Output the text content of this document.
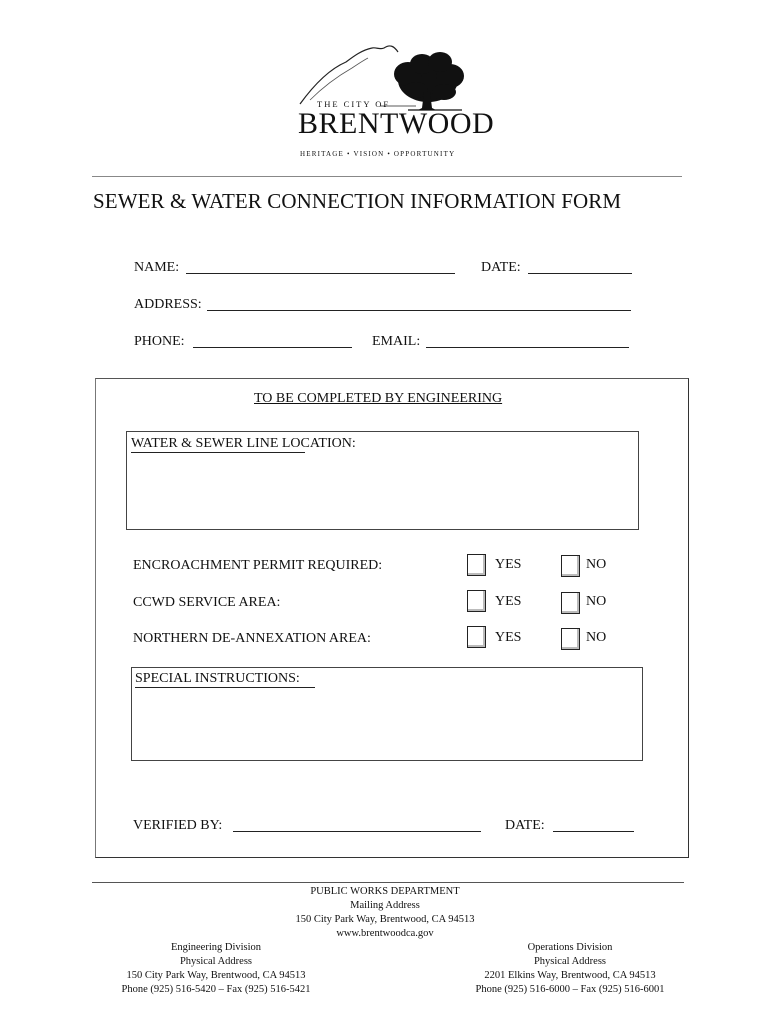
THE CITY OF
BRENTWOOD
HERITAGE • VISION • OPPORTUNITY
SEWER & WATER CONNECTION INFORMATION FORM
NAME:	DATE:
ADDRESS:
PHONE:	EMAIL:
TO BE COMPLETED BY ENGINEERING
WATER & SEWER LINE LOCATION:
ENCROACHMENT PERMIT REQUIRED:	YES	NO
CCWD SERVICE AREA:	YES	NO
NORTHERN DE-ANNEXATION AREA:	YES	NO
SPECIAL INSTRUCTIONS:
VERIFIED BY:	DATE:
PUBLIC WORKS DEPARTMENT
Mailing Address
150 City Park Way, Brentwood, CA 94513
www.brentwoodca.gov
Engineering Division
Physical Address
150 City Park Way, Brentwood, CA 94513
Phone (925) 516-5420 – Fax (925) 516-5421
Operations Division
Physical Address
2201 Elkins Way, Brentwood, CA 94513
Phone (925) 516-6000 – Fax (925) 516-6001
